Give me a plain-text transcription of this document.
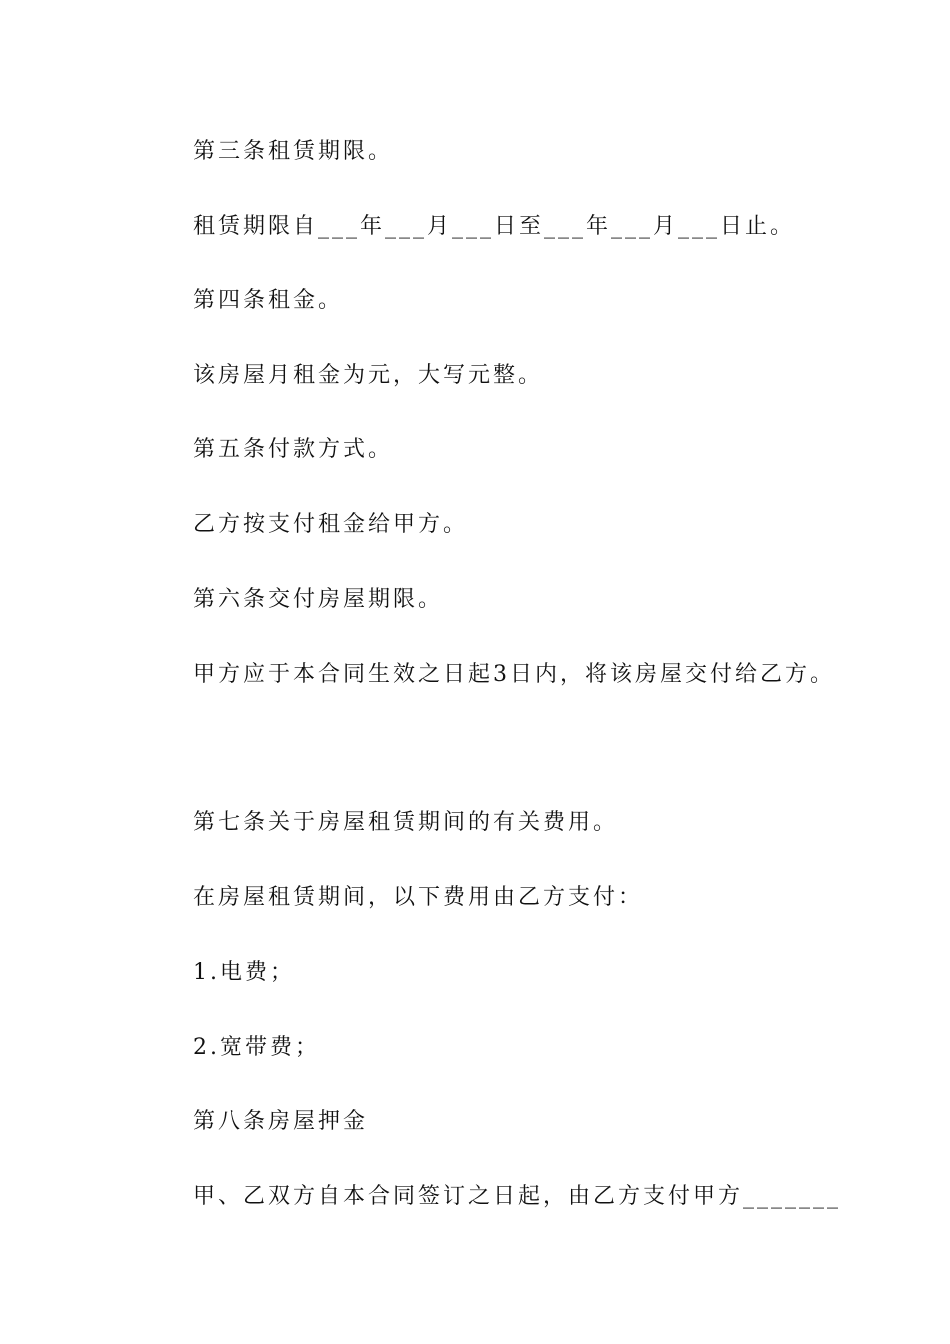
第三条租赁期限。
租赁期限自___年___月___日至___年___月___日止。
第四条租金。
该房屋月租金为元，大写元整。
第五条付款方式。
乙方按支付租金给甲方。
第六条交付房屋期限。
甲方应于本合同生效之日起3日内，将该房屋交付给乙方。
第七条关于房屋租赁期间的有关费用。
在房屋租赁期间，以下费用由乙方支付：
1.电费；
2.宽带费；
第八条房屋押金
甲、乙双方自本合同签订之日起，由乙方支付甲方_______
